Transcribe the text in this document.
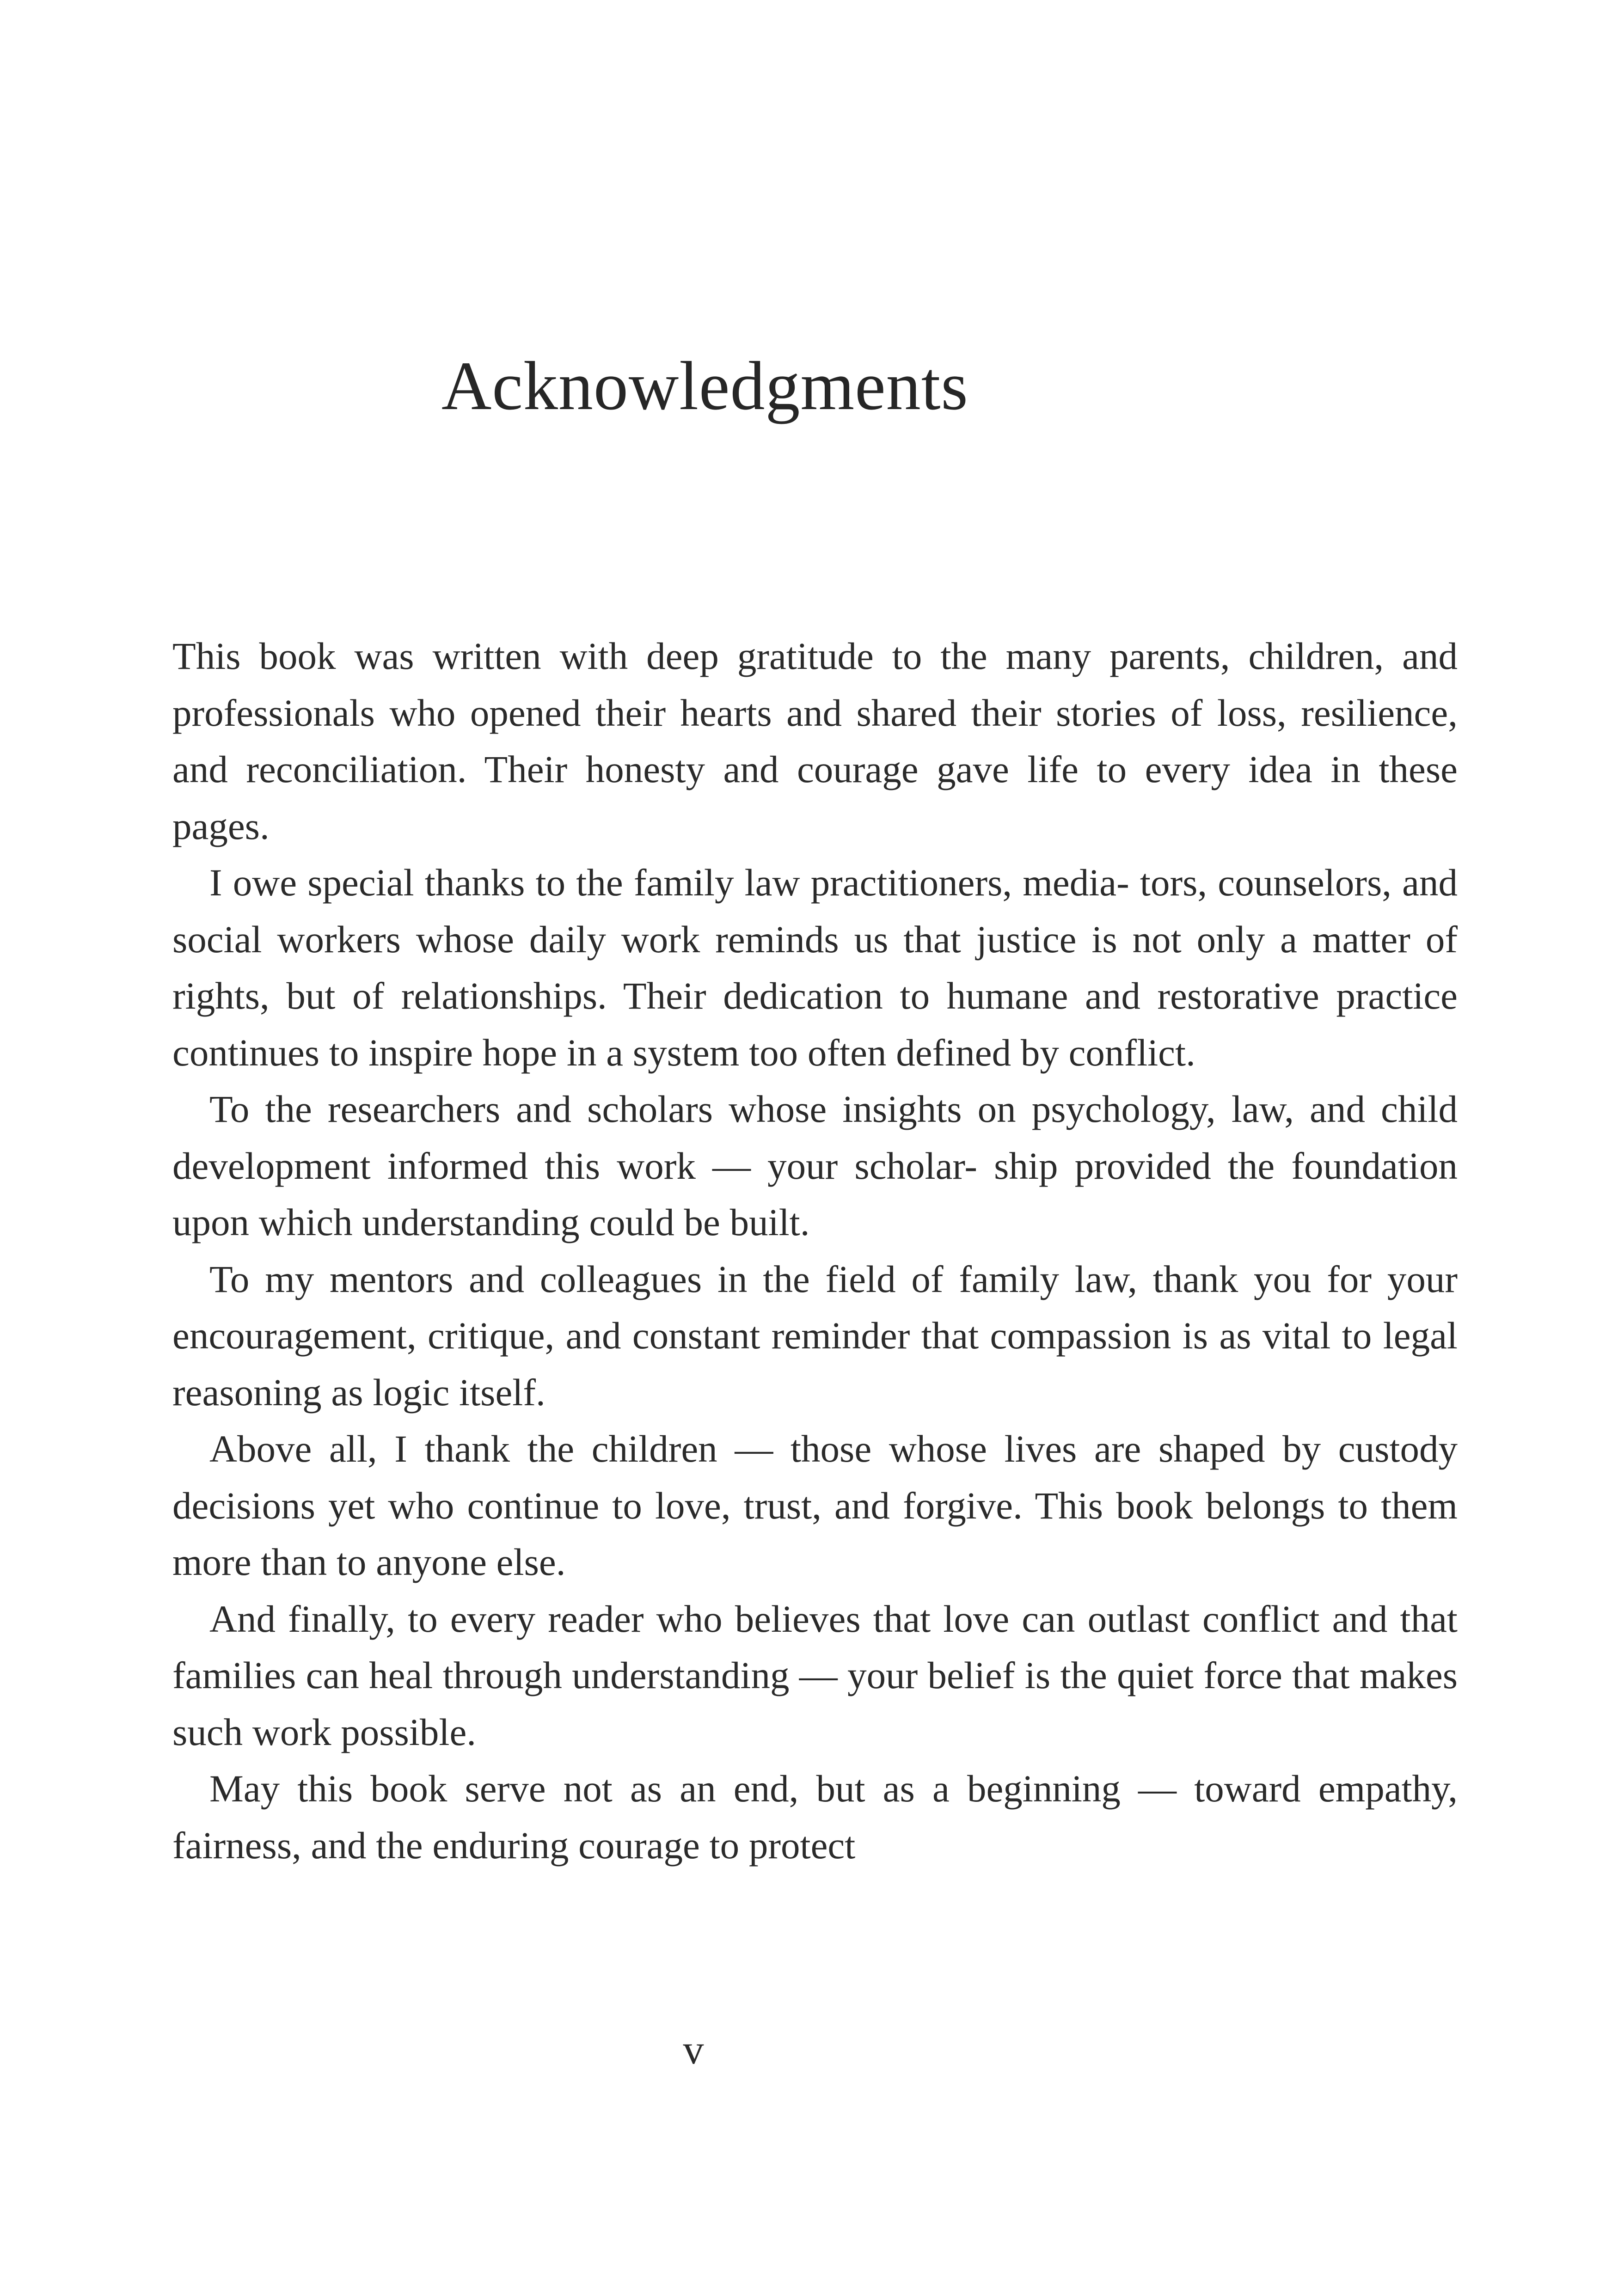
Acknowledgments

This book was written with deep gratitude to the many parents, children, and professionals who opened their hearts and shared their stories of loss, resilience, and reconciliation. Their honesty and courage gave life to every idea in these pages.

I owe special thanks to the family law practitioners, media- tors, counselors, and social workers whose daily work reminds us that justice is not only a matter of rights, but of relationships. Their dedication to humane and restorative practice continues to inspire hope in a system too often defined by conflict.

To the researchers and scholars whose insights on psychology, law, and child development informed this work — your scholar- ship provided the foundation upon which understanding could be built.

To my mentors and colleagues in the field of family law, thank you for your encouragement, critique, and constant reminder that compassion is as vital to legal reasoning as logic itself.

Above all, I thank the children — those whose lives are shaped by custody decisions yet who continue to love, trust, and forgive. This book belongs to them more than to anyone else.

And finally, to every reader who believes that love can outlast conflict and that families can heal through understanding — your belief is the quiet force that makes such work possible.

May this book serve not as an end, but as a beginning — toward empathy, fairness, and the enduring courage to protect

v
